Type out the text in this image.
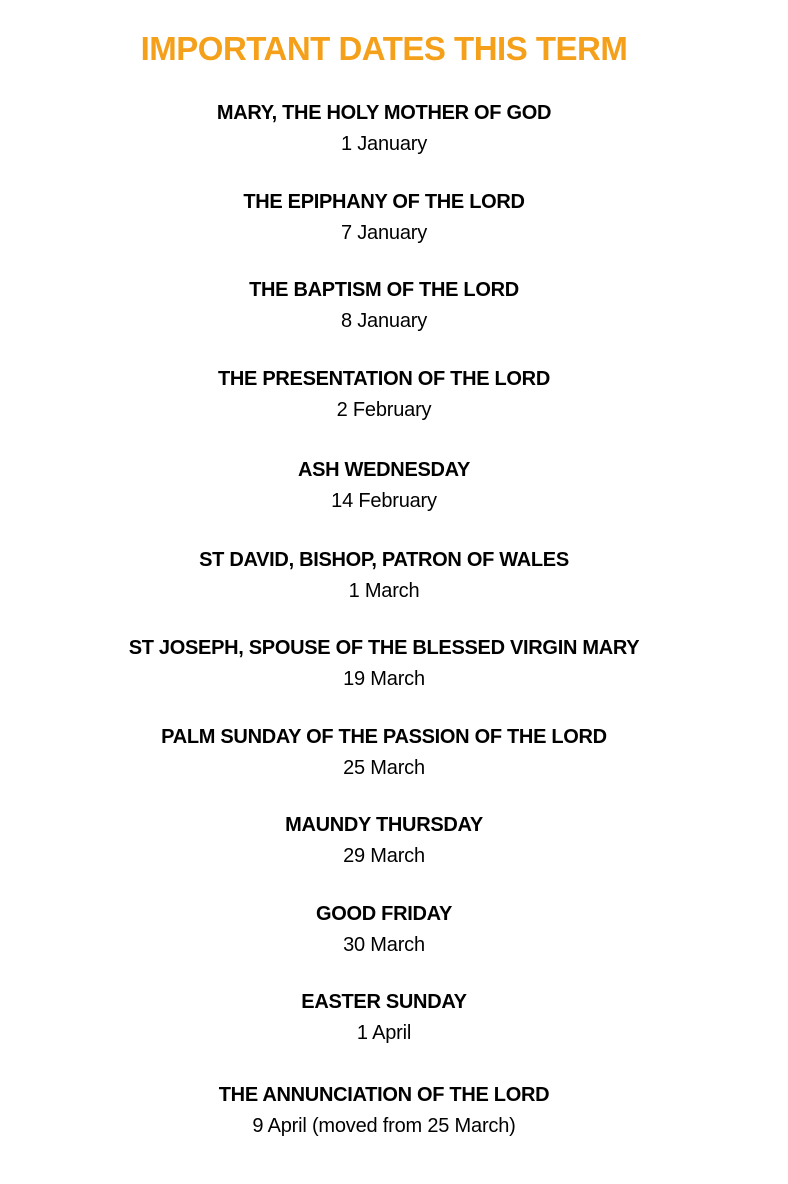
IMPORTANT DATES THIS TERM
MARY, THE HOLY MOTHER OF GOD
1 January
THE EPIPHANY OF THE LORD
7 January
THE BAPTISM OF THE LORD
8 January
THE PRESENTATION OF THE LORD
2 February
ASH WEDNESDAY
14 February
ST DAVID, BISHOP, PATRON OF WALES
1 March
ST JOSEPH, SPOUSE OF THE BLESSED VIRGIN MARY
19 March
PALM SUNDAY OF THE PASSION OF THE LORD
25 March
MAUNDY THURSDAY
29 March
GOOD FRIDAY
30 March
EASTER SUNDAY
1 April
THE ANNUNCIATION OF THE LORD
9 April (moved from 25 March)
